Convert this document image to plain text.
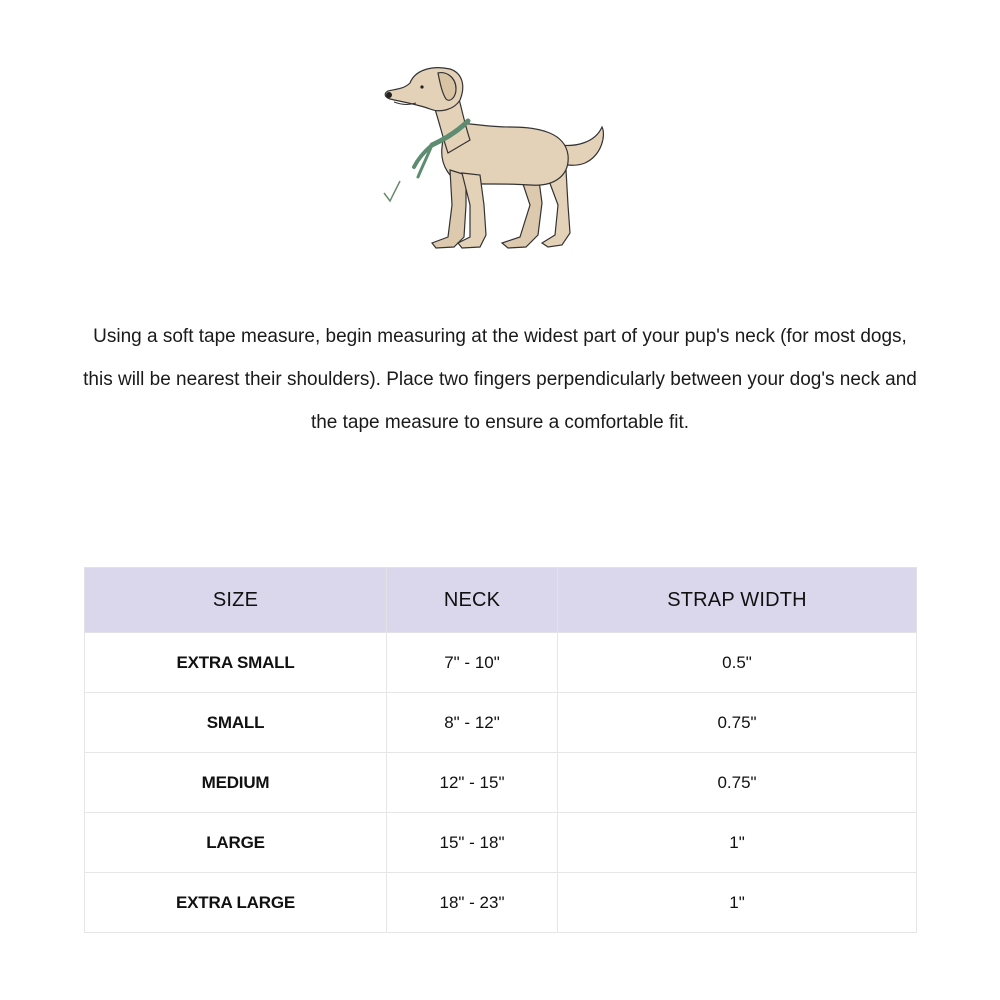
Using a soft tape measure, begin measuring at the widest part of your pup's neck (for most dogs, this will be nearest their shoulders). Place two fingers perpendicularly between your dog's neck and the tape measure to ensure a comfortable fit.

SIZE	NECK	STRAP WIDTH
EXTRA SMALL	7" - 10"	0.5"
SMALL	8" - 12"	0.75"
MEDIUM	12" - 15"	0.75"
LARGE	15" - 18"	1"
EXTRA LARGE	18" - 23"	1"
